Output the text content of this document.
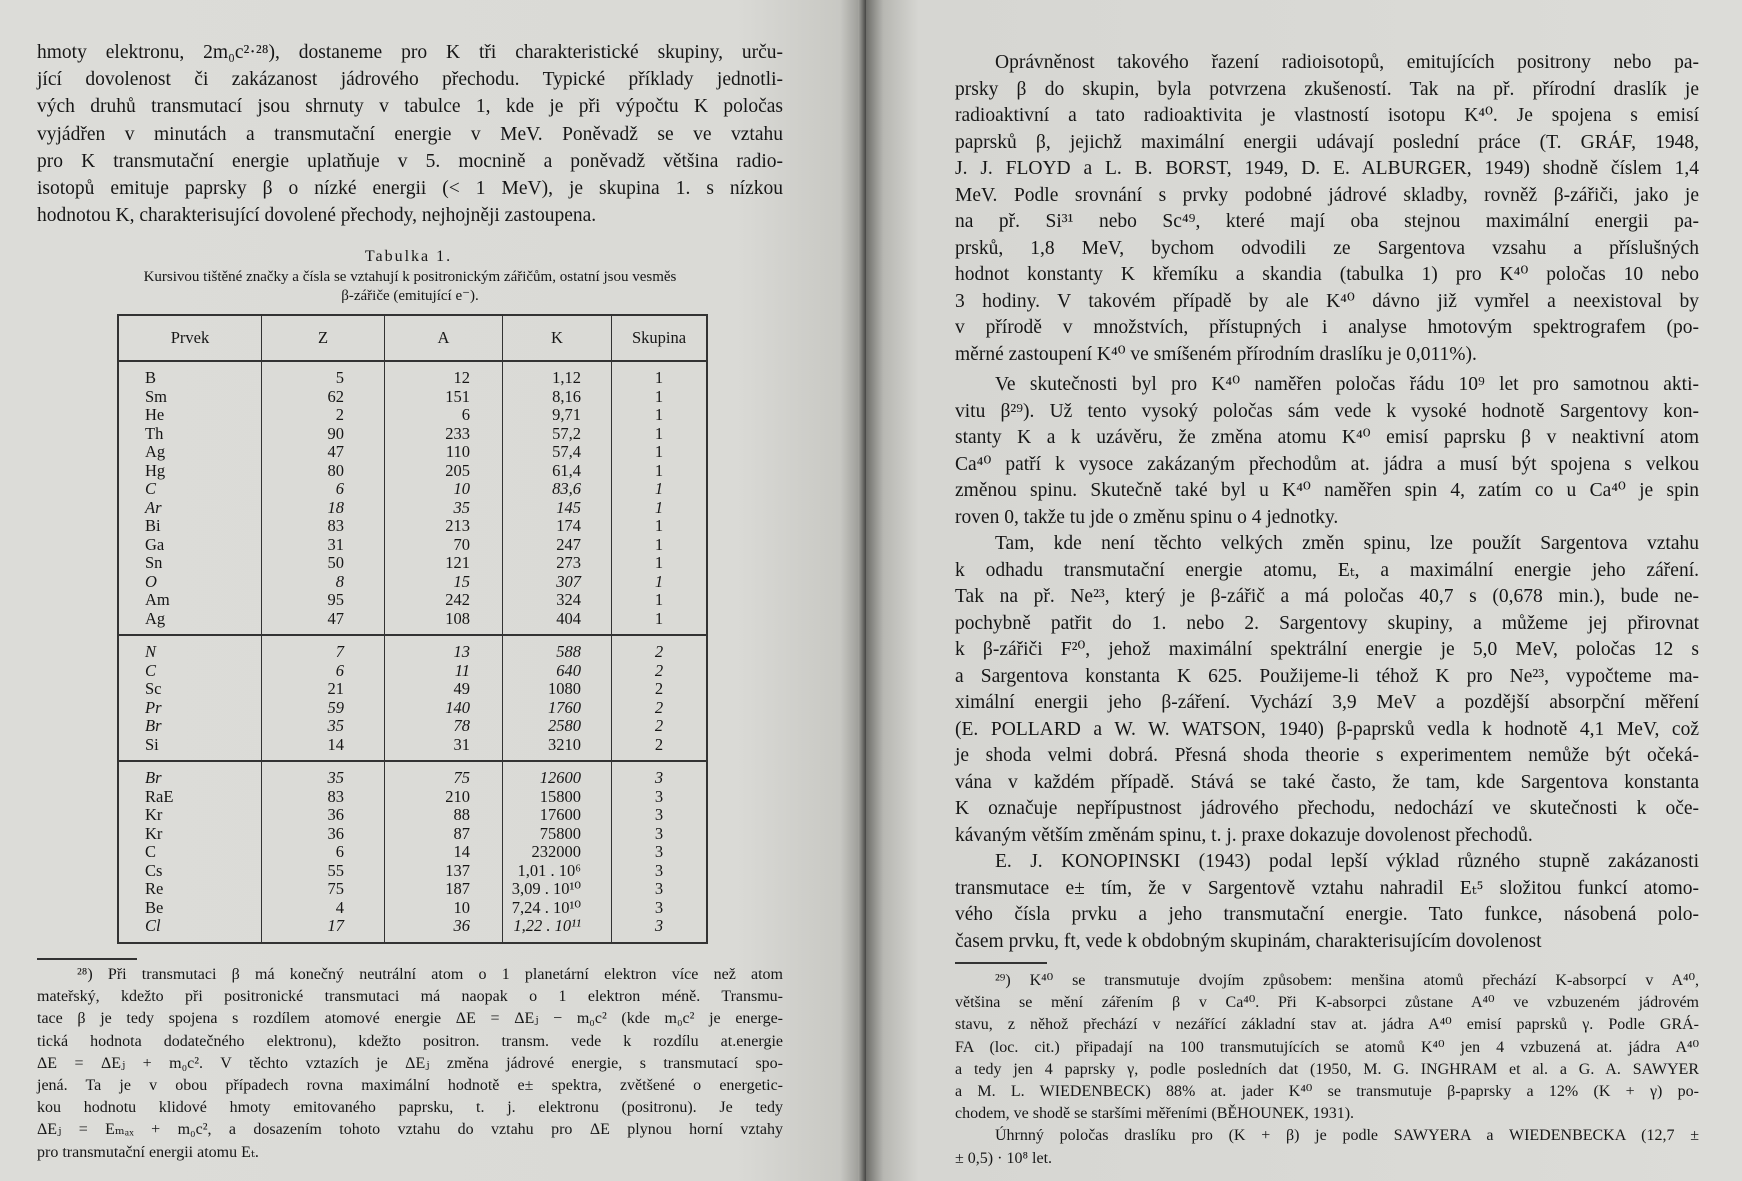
hmoty elektronu, 2m₀c²·²⁸), dostaneme pro K tři charakteristické skupiny, urču-
jící dovolenost či zakázanost jádrového přechodu. Typické příklady jednotli-
vých druhů transmutací jsou shrnuty v tabulce 1, kde je při výpočtu K poločas
vyjádřen v minutách a transmutační energie v MeV. Poněvadž se ve vztahu
pro K transmutační energie uplatňuje v 5. mocnině a poněvadž většina radio-
isotopů emituje paprsky β o nízké energii (< 1 MeV), je skupina 1. s nízkou
hodnotou K, charakterisující dovolené přechody, nejhojněji zastoupena.
Tabulka 1.
Kursivou tištěné značky a čísla se vztahují k positronickým zářičům, ostatní jsou vesměs
β-zářiče (emitující e⁻).
Prvek	Z	A	K	Skupina
B	5	12	1,12	1
Sm	62	151	8,16	1
He	2	6	9,71	1
Th	90	233	57,2	1
Ag	47	110	57,4	1
Hg	80	205	61,4	1
C	6	10	83,6	1
Ar	18	35	145	1
Bi	83	213	174	1
Ga	31	70	247	1
Sn	50	121	273	1
O	8	15	307	1
Am	95	242	324	1
Ag	47	108	404	1
N	7	13	588	2
C	6	11	640	2
Sc	21	49	1080	2
Pr	59	140	1760	2
Br	35	78	2580	2
Si	14	31	3210	2
Br	35	75	12600	3
RaE	83	210	15800	3
Kr	36	88	17600	3
Kr	36	87	75800	3
C	6	14	232000	3
Cs	55	137	1,01 . 10⁶	3
Re	75	187	3,09 . 10¹⁰	3
Be	4	10	7,24 . 10¹⁰	3
Cl	17	36	1,22 . 10¹¹	3
²⁸) Při transmutaci β má konečný neutrální atom o 1 planetární elektron více než atom
mateřský, kdežto při positronické transmutaci má naopak o 1 elektron méně. Transmu-
tace β je tedy spojena s rozdílem atomové energie ΔE = ΔEⱼ − m₀c² (kde m₀c² je energe-
tická hodnota dodatečného elektronu), kdežto positron. transm. vede k rozdílu at.energie
ΔE = ΔEⱼ + m₀c². V těchto vztazích je ΔEⱼ změna jádrové energie, s transmutací spo-
jená. Ta je v obou případech rovna maximální hodnotě e± spektra, zvětšené o energetic-
kou hodnotu klidové hmoty emitovaného paprsku, t. j. elektronu (positronu). Je tedy
ΔEⱼ = Eₘₐₓ + m₀c², a dosazením tohoto vztahu do vztahu pro ΔE plynou horní vztahy
pro transmutační energii atomu Eₜ.
Oprávněnost takového řazení radioisotopů, emitujících positrony nebo pa-
prsky β do skupin, byla potvrzena zkušeností. Tak na př. přírodní draslík je
radioaktivní a tato radioaktivita je vlastností isotopu K⁴⁰. Je spojena s emisí
paprsků β, jejichž maximální energii udávají poslední práce (T. GRÁF, 1948,
J. J. FLOYD a L. B. BORST, 1949, D. E. ALBURGER, 1949) shodně číslem 1,4
MeV. Podle srovnání s prvky podobné jádrové skladby, rovněž β-zářiči, jako je
na př. Si³¹ nebo Sc⁴⁹, které mají oba stejnou maximální energii pa-
prsků, 1,8 MeV, bychom odvodili ze Sargentova vzsahu a příslušných
hodnot konstanty K křemíku a skandia (tabulka 1) pro K⁴⁰ poločas 10 nebo
3 hodiny. V takovém případě by ale K⁴⁰ dávno již vymřel a neexistoval by
v přírodě v množstvích, přístupných i analyse hmotovým spektrografem (po-
měrné zastoupení K⁴⁰ ve smíšeném přírodním draslíku je 0,011%).
Ve skutečnosti byl pro K⁴⁰ naměřen poločas řádu 10⁹ let pro samotnou akti-
vitu β²⁹). Už tento vysoký poločas sám vede k vysoké hodnotě Sargentovy kon-
stanty K a k uzávěru, že změna atomu K⁴⁰ emisí paprsku β v neaktivní atom
Ca⁴⁰ patří k vysoce zakázaným přechodům at. jádra a musí být spojena s velkou
změnou spinu. Skutečně také byl u K⁴⁰ naměřen spin 4, zatím co u Ca⁴⁰ je spin
roven 0, takže tu jde o změnu spinu o 4 jednotky.
Tam, kde není těchto velkých změn spinu, lze použít Sargentova vztahu
k odhadu transmutační energie atomu, Eₜ, a maximální energie jeho záření.
Tak na př. Ne²³, který je β-zářič a má poločas 40,7 s (0,678 min.), bude ne-
pochybně patřit do 1. nebo 2. Sargentovy skupiny, a můžeme jej přirovnat
k β-zářiči F²⁰, jehož maximální spektrální energie je 5,0 MeV, poločas 12 s
a Sargentova konstanta K 625. Použijeme-li téhož K pro Ne²³, vypočteme ma-
ximální energii jeho β-záření. Vychází 3,9 MeV a pozdější absorpční měření
(E. POLLARD a W. W. WATSON, 1940) β-paprsků vedla k hodnotě 4,1 MeV, což
je shoda velmi dobrá. Přesná shoda theorie s experimentem nemůže být očeká-
vána v každém případě. Stává se také často, že tam, kde Sargentova konstanta
K označuje nepřípustnost jádrového přechodu, nedochází ve skutečnosti k oče-
kávaným větším změnám spinu, t. j. praxe dokazuje dovolenost přechodů.
E. J. KONOPINSKI (1943) podal lepší výklad různého stupně zakázanosti
transmutace e± tím, že v Sargentově vztahu nahradil Eₜ⁵ složitou funkcí atomo-
vého čísla prvku a jeho transmutační energie. Tato funkce, násobená polo-
časem prvku, ft, vede k obdobným skupinám, charakterisujícím dovolenost
²⁹) K⁴⁰ se transmutuje dvojím způsobem: menšina atomů přechází K-absorpcí v A⁴⁰,
většina se mění zářením β v Ca⁴⁰. Při K-absorpci zůstane A⁴⁰ ve vzbuzeném jádrovém
stavu, z něhož přechází v nezářící základní stav at. jádra A⁴⁰ emisí paprsků γ. Podle GRÁ-
FA (loc. cit.) připadají na 100 transmutujících se atomů K⁴⁰ jen 4 vzbuzená at. jádra A⁴⁰
a tedy jen 4 paprsky γ, podle posledních dat (1950, M. G. INGHRAM et al. a G. A. SAWYER
a M. L. WIEDENBECK) 88% at. jader K⁴⁰ se transmutuje β-paprsky a 12% (K + γ) po-
chodem, ve shodě se staršími měřeními (BĚHOUNEK, 1931).
Úhrnný poločas draslíku pro (K + β) je podle SAWYERA a WIEDENBECKA (12,7 ±
± 0,5) · 10⁸ let.
